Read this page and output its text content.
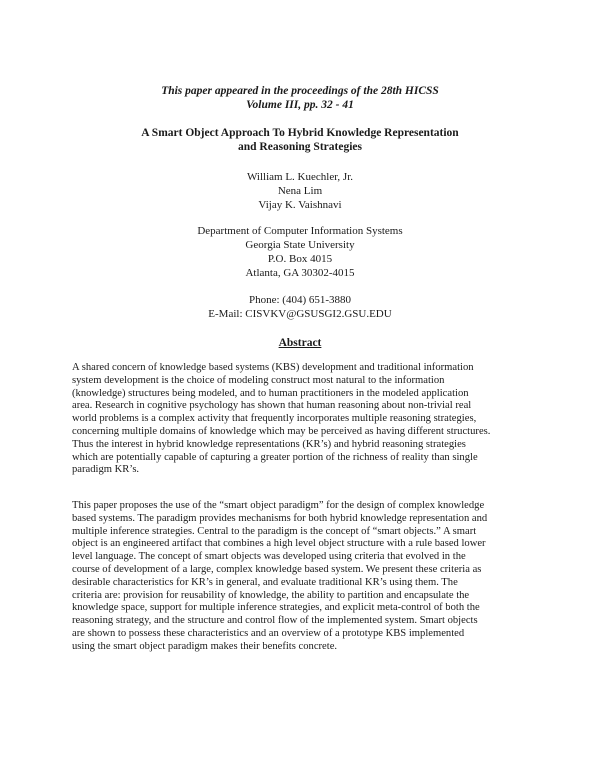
This paper appeared in the proceedings of the 28th HICSS
Volume III, pp. 32 - 41
A Smart Object Approach To Hybrid Knowledge Representation
and Reasoning Strategies
William L. Kuechler, Jr.
Nena Lim
Vijay K. Vaishnavi
Department of Computer Information Systems
Georgia State University
P.O. Box 4015
Atlanta, GA 30302-4015
Phone: (404) 651-3880
E-Mail: CISVKV@GSUSGI2.GSU.EDU
Abstract
A shared concern of knowledge based systems (KBS) development and traditional information
system development is the choice of modeling construct most natural to the information
(knowledge) structures being modeled, and to human practitioners in the modeled application
area. Research in cognitive psychology has shown that human reasoning about non-trivial real
world problems is a complex activity that frequently incorporates multiple reasoning strategies,
concerning multiple domains of knowledge which may be perceived as having different structures.
Thus the interest in hybrid knowledge representations (KR’s) and hybrid reasoning strategies
which are potentially capable of capturing a greater portion of the richness of reality than single
paradigm KR’s.
This paper proposes the use of the “smart object paradigm” for the design of complex knowledge
based systems. The paradigm provides mechanisms for both hybrid knowledge representation and
multiple inference strategies. Central to the paradigm is the concept of “smart objects.” A smart
object is an engineered artifact that combines a high level object structure with a rule based lower
level language. The concept of smart objects was developed using criteria that evolved in the
course of development of a large, complex knowledge based system. We present these criteria as
desirable characteristics for KR’s in general, and evaluate traditional KR’s using them. The
criteria are: provision for reusability of knowledge, the ability to partition and encapsulate the
knowledge space, support for multiple inference strategies, and explicit meta-control of both the
reasoning strategy, and the structure and control flow of the implemented system. Smart objects
are shown to possess these characteristics and an overview of a prototype KBS implemented
using the smart object paradigm makes their benefits concrete.
